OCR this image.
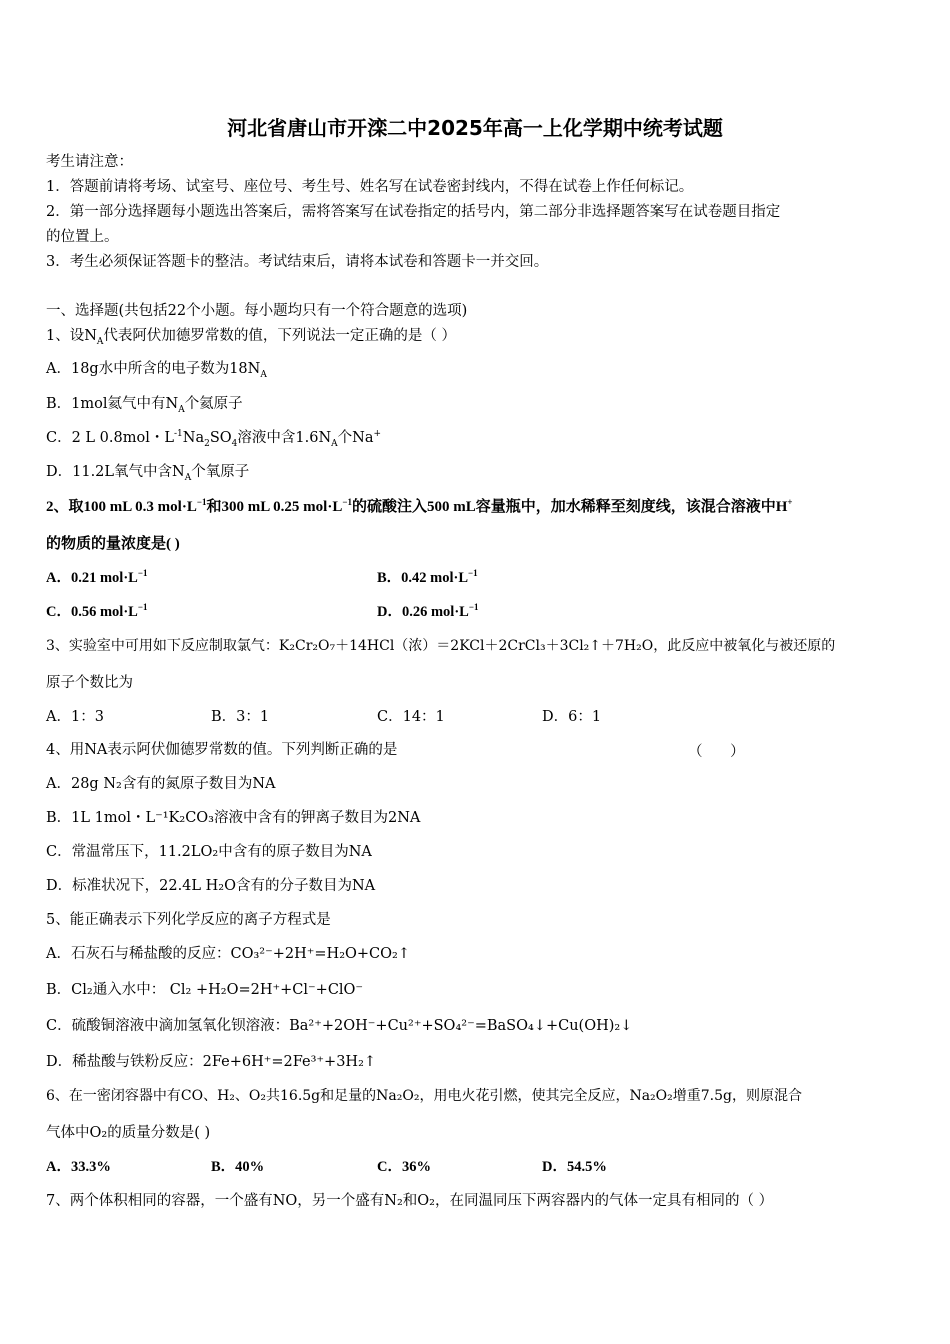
河北省唐山市开滦二中2025年高一上化学期中统考试题
考生请注意：
1．答题前请将考场、试室号、座位号、考生号、姓名写在试卷密封线内，不得在试卷上作任何标记。
2．第一部分选择题每小题选出答案后，需将答案写在试卷指定的括号内，第二部分非选择题答案写在试卷题目指定
的位置上。
3．考生必须保证答题卡的整洁。考试结束后，请将本试卷和答题卡一并交回。
一、选择题(共包括22个小题。每小题均只有一个符合题意的选项)
1、设$N_A$代表阿伏加德罗常数的值，下列说法一定正确的是（ ）
A．18g水中所含的电子数为$18N_A$
B．1mol氦气中有$N_A$个氦原子
C．2 L 0.8mol・$L^{-1}Na_2SO_4$溶液中含$1.6N_A$个Na+
D．11.2L氧气中含$N_A$个氧原子
2、取100 mL 0.3 $mol\cdot L^{-1}$和300 mL 0.25 $mol\cdot L^{-1}$的硫酸注入500 mL容量瓶中，加水稀释至刻度线，该混合溶液中H+
的物质的量浓度是( )
A．0.21 $mol\cdot L^{-1}$	B．0.42 $mol\cdot L^{-1}$
C．0.56 $mol\cdot L^{-1}$	D．0.26 $mol\cdot L^{-1}$
3、实验室中可用如下反应制取氯气：K₂Cr₂O₇＋14HCl（浓）＝2KCl＋2CrCl₃＋3Cl₂↑＋7H₂O，此反应中被氧化与被还原的
原子个数比为
A．1：3	B．3：1	C．14：1	D．6：1
4、用NA表示阿伏伽德罗常数的值。下列判断正确的是	（      ）
A．28g N₂含有的氮原子数目为NA
B．1L 1mol・L⁻¹K₂CO₃溶液中含有的钾离子数目为2NA
C．常温常压下，11.2LO₂中含有的原子数目为NA
D．标准状况下，22.4L H₂O含有的分子数目为NA
5、能正确表示下列化学反应的离子方程式是
A．石灰石与稀盐酸的反应：CO₃²⁻+2H⁺=H₂O+CO₂↑
B．Cl₂通入水中： Cl₂ +H₂O=2H⁺+Cl⁻+ClO⁻
C．硫酸铜溶液中滴加氢氧化钡溶液：Ba²⁺+2OH⁻+Cu²⁺+SO₄²⁻=BaSO₄↓+Cu(OH)₂↓
D．稀盐酸与铁粉反应：2Fe+6H⁺=2Fe³⁺+3H₂↑
6、在一密闭容器中有CO、H₂、O₂共16.5g和足量的Na₂O₂，用电火花引燃，使其完全反应，Na₂O₂增重7.5g，则原混合
气体中O₂的质量分数是( )
A．33.3%	B．40%	C．36%	D．54.5%
7、两个体积相同的容器，一个盛有NO，另一个盛有N₂和O₂，在同温同压下两容器内的气体一定具有相同的（ ）
